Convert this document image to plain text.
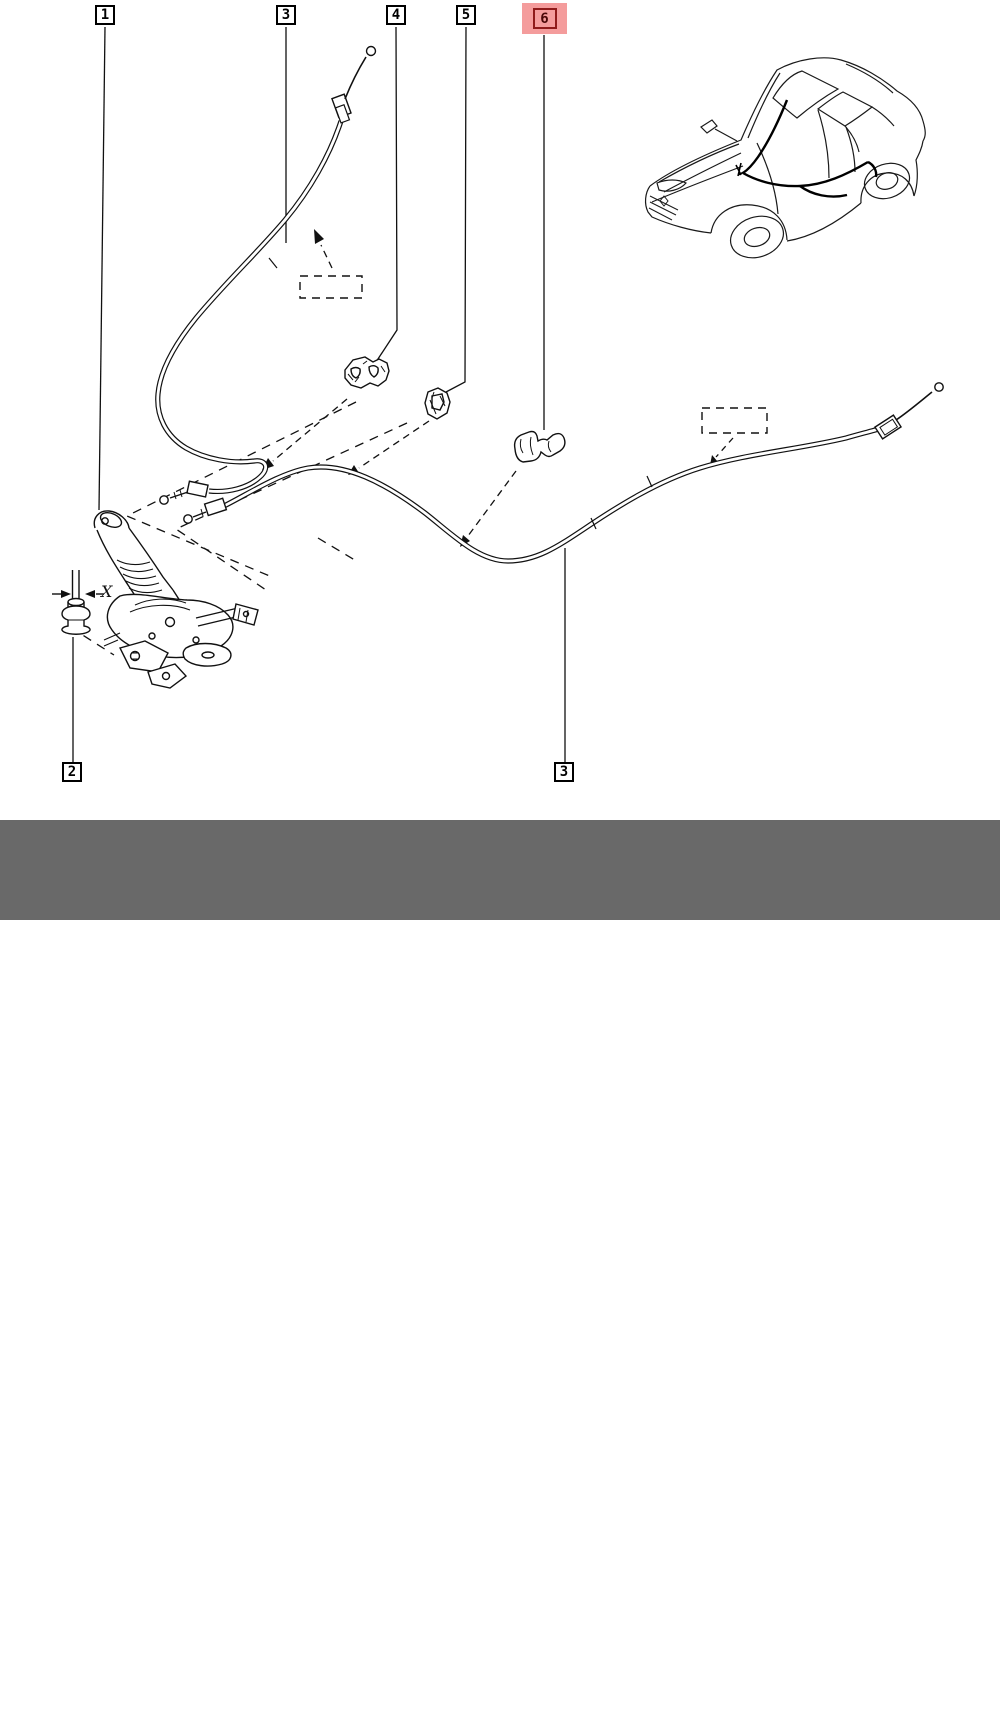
X
1	3	4	5	6
2	3
RENAULT - 7703079195 N - 6
